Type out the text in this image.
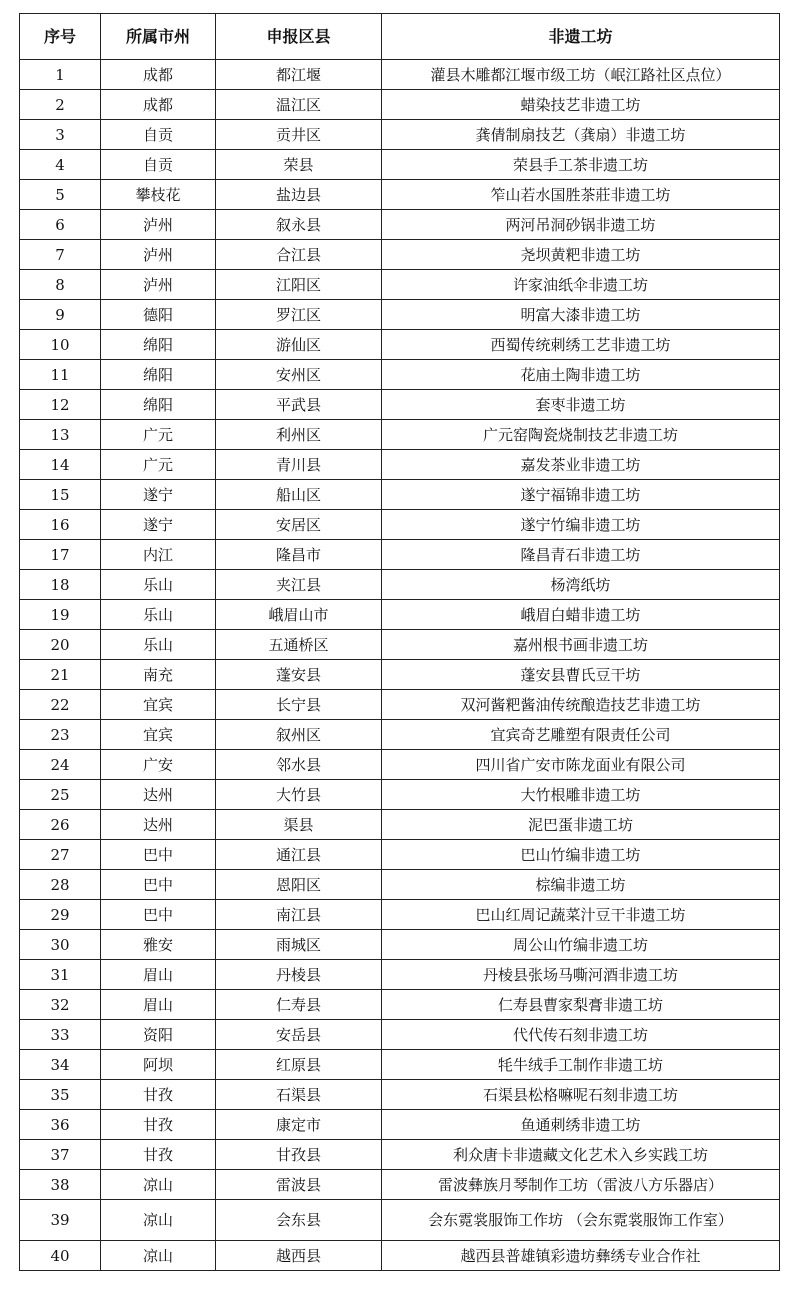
序号	所属市州	申报区县	非遗工坊
1	成都	都江堰	灌县木雕都江堰市级工坊（岷江路社区点位）
2	成都	温江区	蜡染技艺非遗工坊
3	自贡	贡井区	龚倩制扇技艺（龚扇）非遗工坊
4	自贡	荣县	荣县手工茶非遗工坊
5	攀枝花	盐边县	笮山若水国胜茶莊非遗工坊
6	泸州	叙永县	两河吊洞砂锅非遗工坊
7	泸州	合江县	尧坝黄粑非遗工坊
8	泸州	江阳区	许家油纸伞非遗工坊
9	德阳	罗江区	明富大漆非遗工坊
10	绵阳	游仙区	西蜀传统刺绣工艺非遗工坊
11	绵阳	安州区	花庙土陶非遗工坊
12	绵阳	平武县	套枣非遗工坊
13	广元	利州区	广元窑陶瓷烧制技艺非遗工坊
14	广元	青川县	嘉发茶业非遗工坊
15	遂宁	船山区	遂宁福锦非遗工坊
16	遂宁	安居区	遂宁竹编非遗工坊
17	内江	隆昌市	隆昌青石非遗工坊
18	乐山	夹江县	杨湾纸坊
19	乐山	峨眉山市	峨眉白蜡非遗工坊
20	乐山	五通桥区	嘉州根书画非遗工坊
21	南充	蓬安县	蓬安县曹氏豆干坊
22	宜宾	长宁县	双河酱粑酱油传统酿造技艺非遗工坊
23	宜宾	叙州区	宜宾奇艺雕塑有限责任公司
24	广安	邻水县	四川省广安市陈龙面业有限公司
25	达州	大竹县	大竹根雕非遗工坊
26	达州	渠县	泥巴蛋非遗工坊
27	巴中	通江县	巴山竹编非遗工坊
28	巴中	恩阳区	棕编非遗工坊
29	巴中	南江县	巴山红周记蔬菜汁豆干非遗工坊
30	雅安	雨城区	周公山竹编非遗工坊
31	眉山	丹棱县	丹棱县张场马嘶河酒非遗工坊
32	眉山	仁寿县	仁寿县曹家梨膏非遗工坊
33	资阳	安岳县	代代传石刻非遗工坊
34	阿坝	红原县	牦牛绒手工制作非遗工坊
35	甘孜	石渠县	石渠县松格嘛呢石刻非遗工坊
36	甘孜	康定市	鱼通刺绣非遗工坊
37	甘孜	甘孜县	利众唐卡非遗藏文化艺术入乡实践工坊
38	凉山	雷波县	雷波彝族月琴制作工坊（雷波八方乐器店）
39	凉山	会东县	会东霓裳服饰工作坊 （会东霓裳服饰工作室）
40	凉山	越西县	越西县普雄镇彩遗坊彝绣专业合作社
